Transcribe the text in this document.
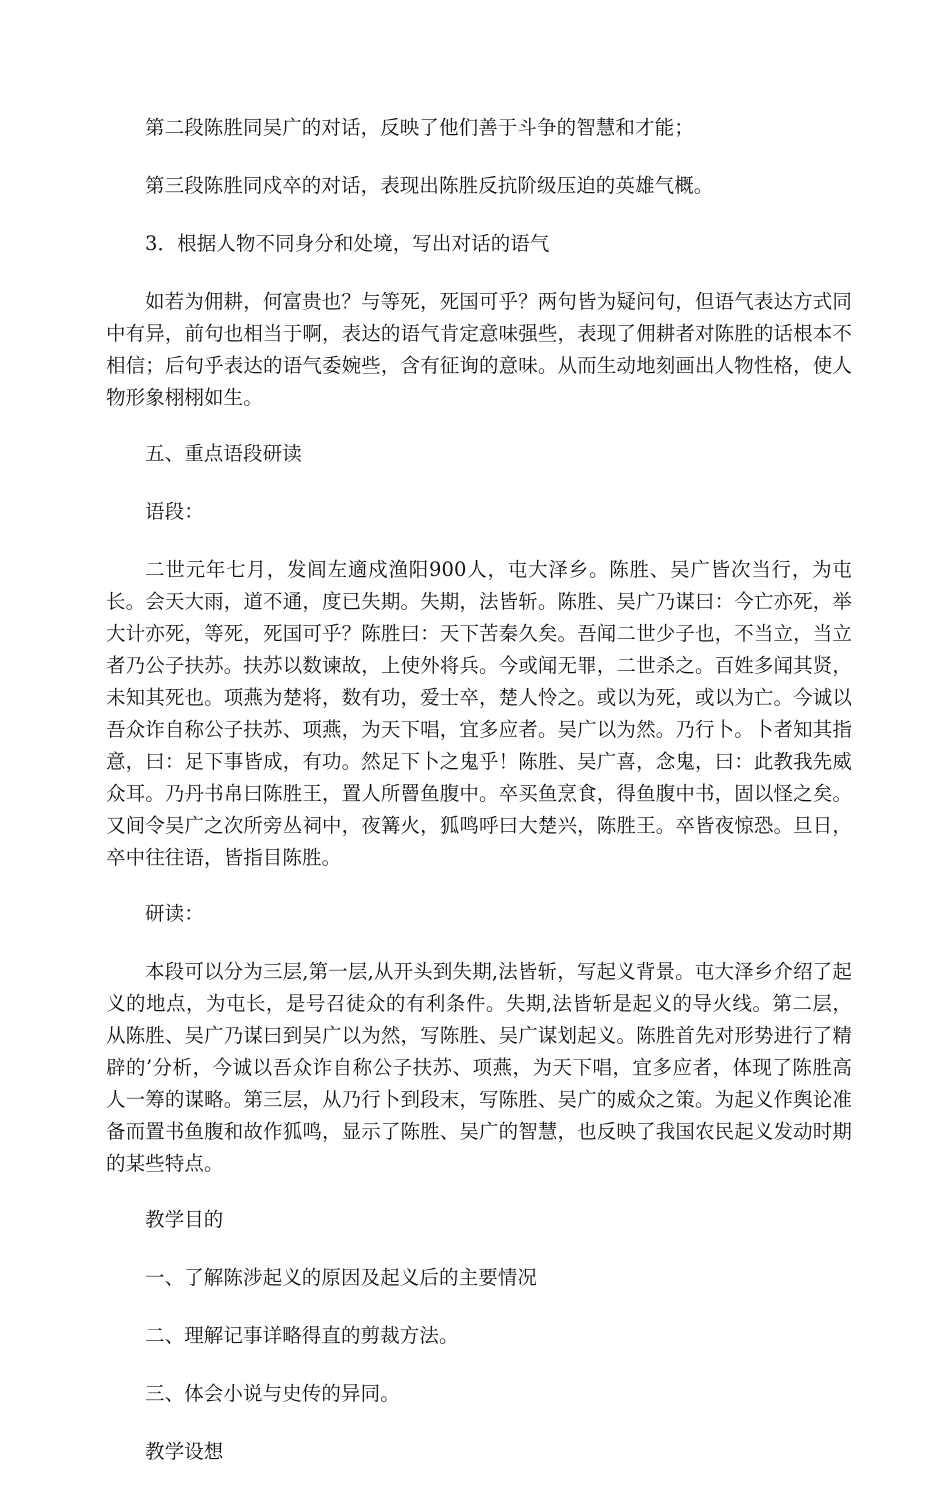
第二段陈胜同吴广的对话，反映了他们善于斗争的智慧和才能；

第三段陈胜同戍卒的对话，表现出陈胜反抗阶级压迫的英雄气概。

3．根据人物不同身分和处境，写出对话的语气

如若为佣耕，何富贵也？与等死，死国可乎？两句皆为疑问句，但语气表达方式同中有异，前句也相当于啊，表达的语气肯定意味强些，表现了佣耕者对陈胜的话根本不相信；后句乎表达的语气委婉些，含有征询的意味。从而生动地刻画出人物性格，使人物形象栩栩如生。

五、重点语段研读

语段：

二世元年七月，发闾左適戍渔阳900人，屯大泽乡。陈胜、吴广皆次当行，为屯长。会天大雨，道不通，度已失期。失期，法皆斩。陈胜、吴广乃谋曰：今亡亦死，举大计亦死，等死，死国可乎？陈胜曰：天下苦秦久矣。吾闻二世少子也，不当立，当立者乃公子扶苏。扶苏以数谏故，上使外将兵。今或闻无罪，二世杀之。百姓多闻其贤，未知其死也。项燕为楚将，数有功，爱士卒，楚人怜之。或以为死，或以为亡。今诚以吾众诈自称公子扶苏、项燕，为天下唱，宜多应者。吴广以为然。乃行卜。卜者知其指意，曰：足下事皆成，有功。然足下卜之鬼乎！陈胜、吴广喜，念鬼，曰：此教我先威众耳。乃丹书帛曰陈胜王，置人所罾鱼腹中。卒买鱼烹食，得鱼腹中书，固以怪之矣。又间令吴广之次所旁丛祠中，夜篝火，狐鸣呼曰大楚兴，陈胜王。卒皆夜惊恐。旦日，卒中往往语，皆指目陈胜。

研读：

本段可以分为三层,第一层,从开头到失期,法皆斩，写起义背景。屯大泽乡介绍了起义的地点，为屯长，是号召徒众的有利条件。失期,法皆斩是起义的导火线。第二层，从陈胜、吴广乃谋曰到吴广以为然，写陈胜、吴广谋划起义。陈胜首先对形势进行了精辟的’分析，今诚以吾众诈自称公子扶苏、项燕，为天下唱，宜多应者，体现了陈胜高人一筹的谋略。第三层，从乃行卜到段末，写陈胜、吴广的威众之策。为起义作舆论准备而置书鱼腹和故作狐鸣，显示了陈胜、吴广的智慧，也反映了我国农民起义发动时期的某些特点。

教学目的

一、了解陈涉起义的原因及起义后的主要情况

二、理解记事详略得直的剪裁方法。

三、体会小说与史传的异同。

教学设想
